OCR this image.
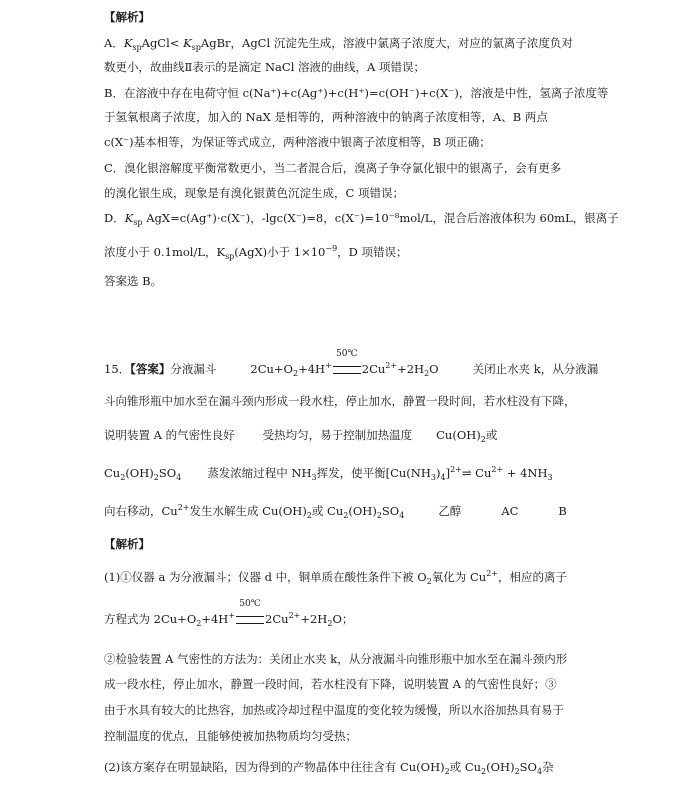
【解析】
A．$K_{sp}AgCl<$ $K_{sp}AgBr$，AgCl 沉淀先生成，溶液中氯离子浓度大，对应的氯离子浓度负对
数更小，故曲线Ⅱ表示的是滴定 NaCl 溶液的曲线，A 项错误；
B．在溶液中存在电荷守恒 c(Na⁺)+c(Ag⁺)+c(H⁺)=c(OH⁻)+c(X⁻)，溶液是中性，氢离子浓度等
于氢氧根离子浓度，加入的 NaX 是相等的，两种溶液中的钠离子浓度相等，A、B 两点
c(X⁻)基本相等，为保证等式成立，两种溶液中银离子浓度相等，B 项正确；
C．溴化银溶解度平衡常数更小，当二者混合后，溴离子争夺氯化银中的银离子，会有更多
的溴化银生成，现象是有溴化银黄色沉淀生成，C 项错误；
D．$K_{sp}$ AgX=c(Ag⁺)·c(X⁻)，-lgc(X⁻)=8，c(X⁻)=10⁻⁸mol/L，混合后溶液体积为 60mL，银离子
浓度小于 0.1mol/L，$K_{sp}(AgX)$小于 $1\times 10^{-9}$，D 项错误；
答案选 B。
15．【答案】分液漏斗	$2Cu+O_2+4H^+$
50℃
$2Cu^{2+}+2H_2O$	关闭止水夹 k，从分液漏
斗向锥形瓶中加水至在漏斗颈内形成一段水柱，停止加水，静置一段时间，若水柱没有下降，
说明装置 A 的气密性良好 受热均匀，易于控制加热温度 $Cu(OH)_2$或
$Cu_2(OH)_2SO_4$ 蒸发浓缩过程中 $NH_3$挥发，使平衡$[Cu(NH_3)_4]^{2+}\rightleftharpoons$ $Cu^{2+} + 4NH_3$
向右移动，$Cu^{2+}$发生水解生成 $Cu(OH)_2$或 $Cu_2(OH)_2SO_4$	乙醇	AC	B
【解析】
(1)①仪器 a 为分液漏斗；仪器 d 中，铜单质在酸性条件下被 $O_2$氧化为 $Cu^{2+}$，相应的离子
方程式为 $2Cu+O_2+4H^+$
50℃
$2Cu^{2+}+2H_2O$；
②检验装置 A 气密性的方法为：关闭止水夹 k，从分液漏斗向锥形瓶中加水至在漏斗颈内形
成一段水柱，停止加水，静置一段时间，若水柱没有下降，说明装置 A 的气密性良好；③
由于水具有较大的比热容，加热或冷却过程中温度的变化较为缓慢，所以水浴加热具有易于
控制温度的优点，且能够使被加热物质均匀受热；
(2)该方案存在明显缺陷，因为得到的产物晶体中往往含有 $Cu(OH)_2$或 $Cu_2(OH)_2SO_4$杂
